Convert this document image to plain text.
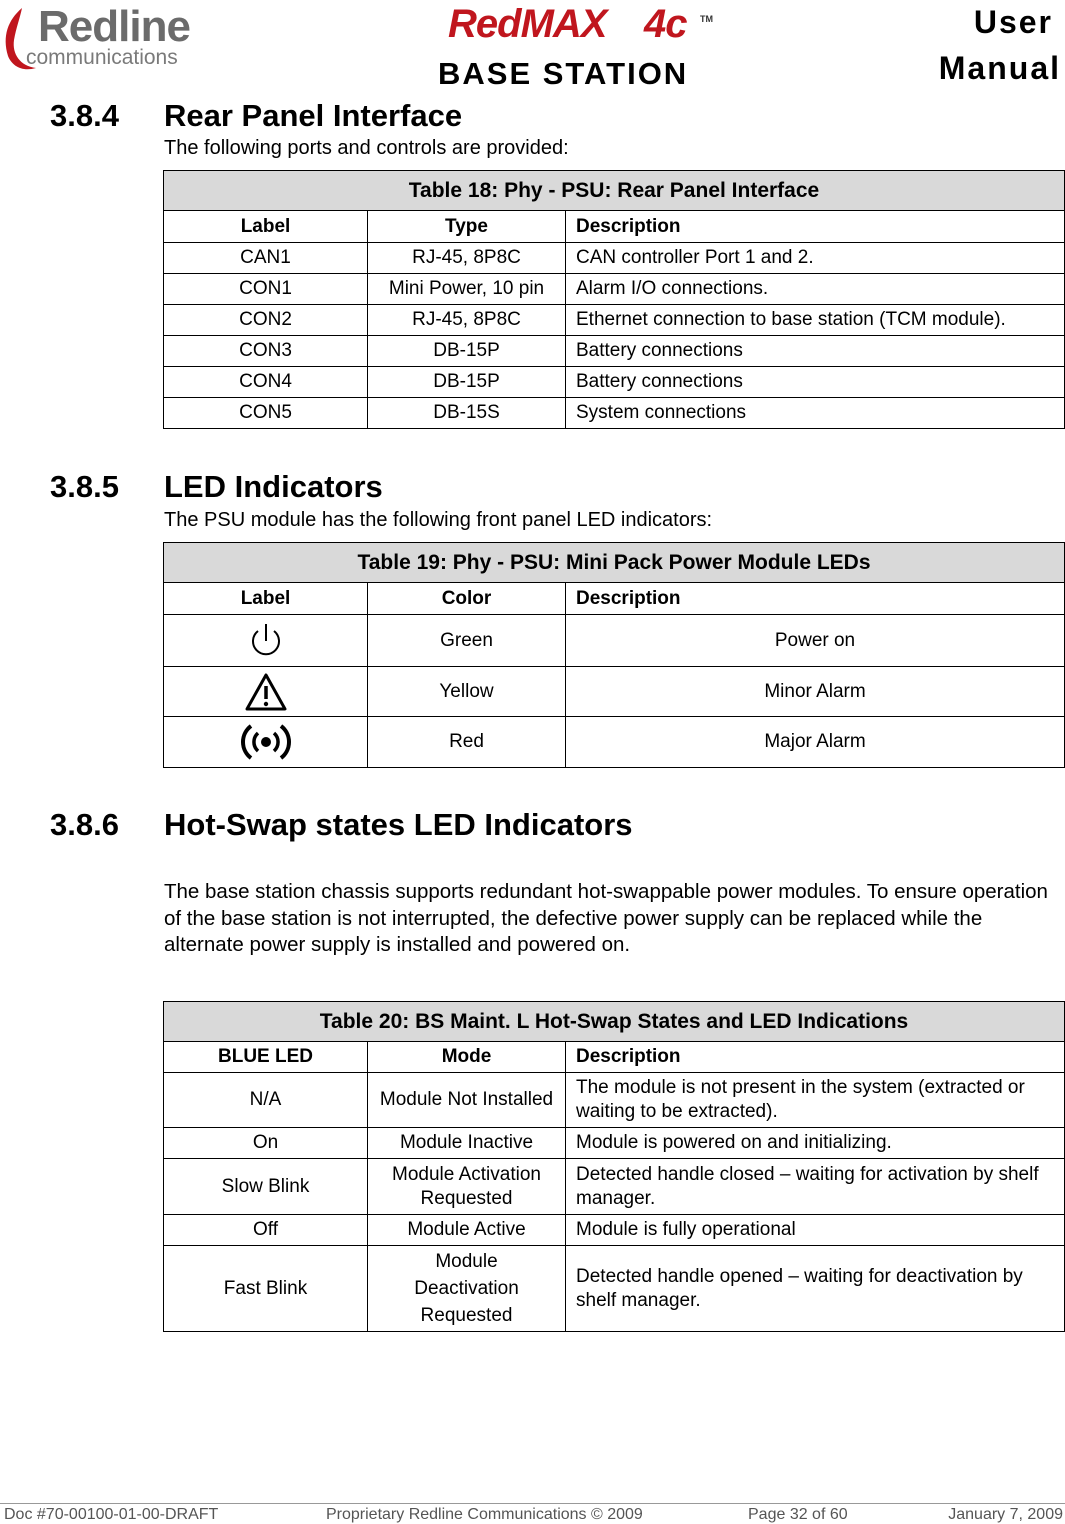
Redline
communications
RedMAX 4c TM
BASE STATION
User
Manual
3.8.4 Rear Panel Interface
The following ports and controls are provided:
Table 18: Phy - PSU: Rear Panel Interface		
Label	Type	Description
CAN1	RJ-45, 8P8C	CAN controller Port 1 and 2.
CON1	Mini Power, 10 pin	Alarm I/O connections.
CON2	RJ-45, 8P8C	Ethernet connection to base station (TCM module).
CON3	DB-15P	Battery connections
CON4	DB-15P	Battery connections
CON5	DB-15S	System connections
3.8.5 LED Indicators
The PSU module has the following front panel LED indicators:
Table 19: Phy - PSU: Mini Pack Power Module LEDs		
Label	Color	Description

	Green	Power on

	Yellow	Minor Alarm

	Red	Major Alarm
3.8.6 Hot-Swap states LED Indicators
The base station chassis supports redundant hot-swappable power modules. To ensure operation of the base station is not interrupted, the defective power supply can be replaced while the alternate power supply is installed and powered on.
Table 20: BS Maint. L Hot-Swap States and LED Indications		
BLUE LED	Mode	Description
N/A	Module Not Installed	The module is not present in the system (extracted or waiting to be extracted).
On	Module Inactive	Module is powered on and initializing.
Slow Blink	Module Activation Requested	Detected handle closed – waiting for activation by shelf manager.
Off	Module Active	Module is fully operational
Fast Blink	Module Deactivation Requested	Detected handle opened – waiting for deactivation by shelf manager.
Doc #70-00100-01-00-DRAFT	Proprietary Redline Communications © 2009	Page 32 of 60	January 7, 2009
